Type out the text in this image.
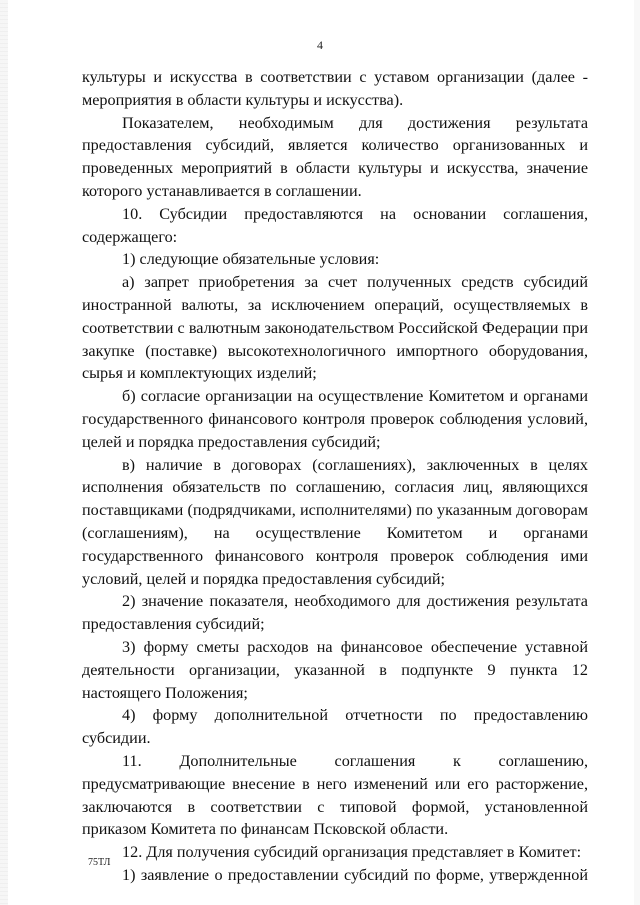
4

культуры и искусства в соответствии с уставом организации (далее - мероприятия в области культуры и искусства).

Показателем, необходимым для достижения результата предоставления субсидий, является количество организованных и проведенных мероприятий в области культуры и искусства, значение которого устанавливается в соглашении.

10. Субсидии предоставляются на основании соглашения, содержащего:

1) следующие обязательные условия:

а) запрет приобретения за счет полученных средств субсидий иностранной валюты, за исключением операций, осуществляемых в соответствии с валютным законодательством Российской Федерации при закупке (поставке) высокотехнологичного импортного оборудования, сырья и комплектующих изделий;

б) согласие организации на осуществление Комитетом и органами государственного финансового контроля проверок соблюдения условий, целей и порядка предоставления субсидий;

в) наличие в договорах (соглашениях), заключенных в целях исполнения обязательств по соглашению, согласия лиц, являющихся поставщиками (подрядчиками, исполнителями) по указанным договорам (соглашениям), на осуществление Комитетом и органами государственного финансового контроля проверок соблюдения ими условий, целей и порядка предоставления субсидий;

2) значение показателя, необходимого для достижения результата предоставления субсидий;

3) форму сметы расходов на финансовое обеспечение уставной деятельности организации, указанной в подпункте 9 пункта 12 настоящего Положения;

4) форму дополнительной отчетности по предоставлению субсидии.

11. Дополнительные соглашения к соглашению, предусматривающие внесение в него изменений или его расторжение, заключаются в соответствии с типовой формой, установленной приказом Комитета по финансам Псковской области.

12. Для получения субсидий организация представляет в Комитет:

1) заявление о предоставлении субсидий по форме, утвержденной

75ТЛ
